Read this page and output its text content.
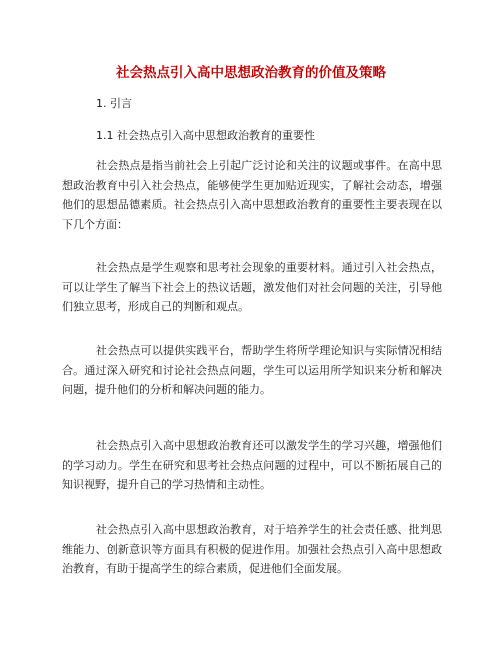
社会热点引入高中思想政治教育的价值及策略
1. 引言
1.1 社会热点引入高中思想政治教育的重要性

社会热点是指当前社会上引起广泛讨论和关注的议题或事件。在高中思想政治教育中引入社会热点，能够使学生更加贴近现实，了解社会动态，增强他们的思想品德素质。社会热点引入高中思想政治教育的重要性主要表现在以下几个方面：

社会热点是学生观察和思考社会现象的重要材料。通过引入社会热点，可以让学生了解当下社会上的热议话题，激发他们对社会问题的关注，引导他们独立思考，形成自己的判断和观点。

社会热点可以提供实践平台，帮助学生将所学理论知识与实际情况相结合。通过深入研究和讨论社会热点问题，学生可以运用所学知识来分析和解决问题，提升他们的分析和解决问题的能力。

社会热点引入高中思想政治教育还可以激发学生的学习兴趣，增强他们的学习动力。学生在研究和思考社会热点问题的过程中，可以不断拓展自己的知识视野，提升自己的学习热情和主动性。

社会热点引入高中思想政治教育，对于培养学生的社会责任感、批判思维能力、创新意识等方面具有积极的促进作用。加强社会热点引入高中思想政治教育，有助于提高学生的综合素质，促进他们全面发展。
